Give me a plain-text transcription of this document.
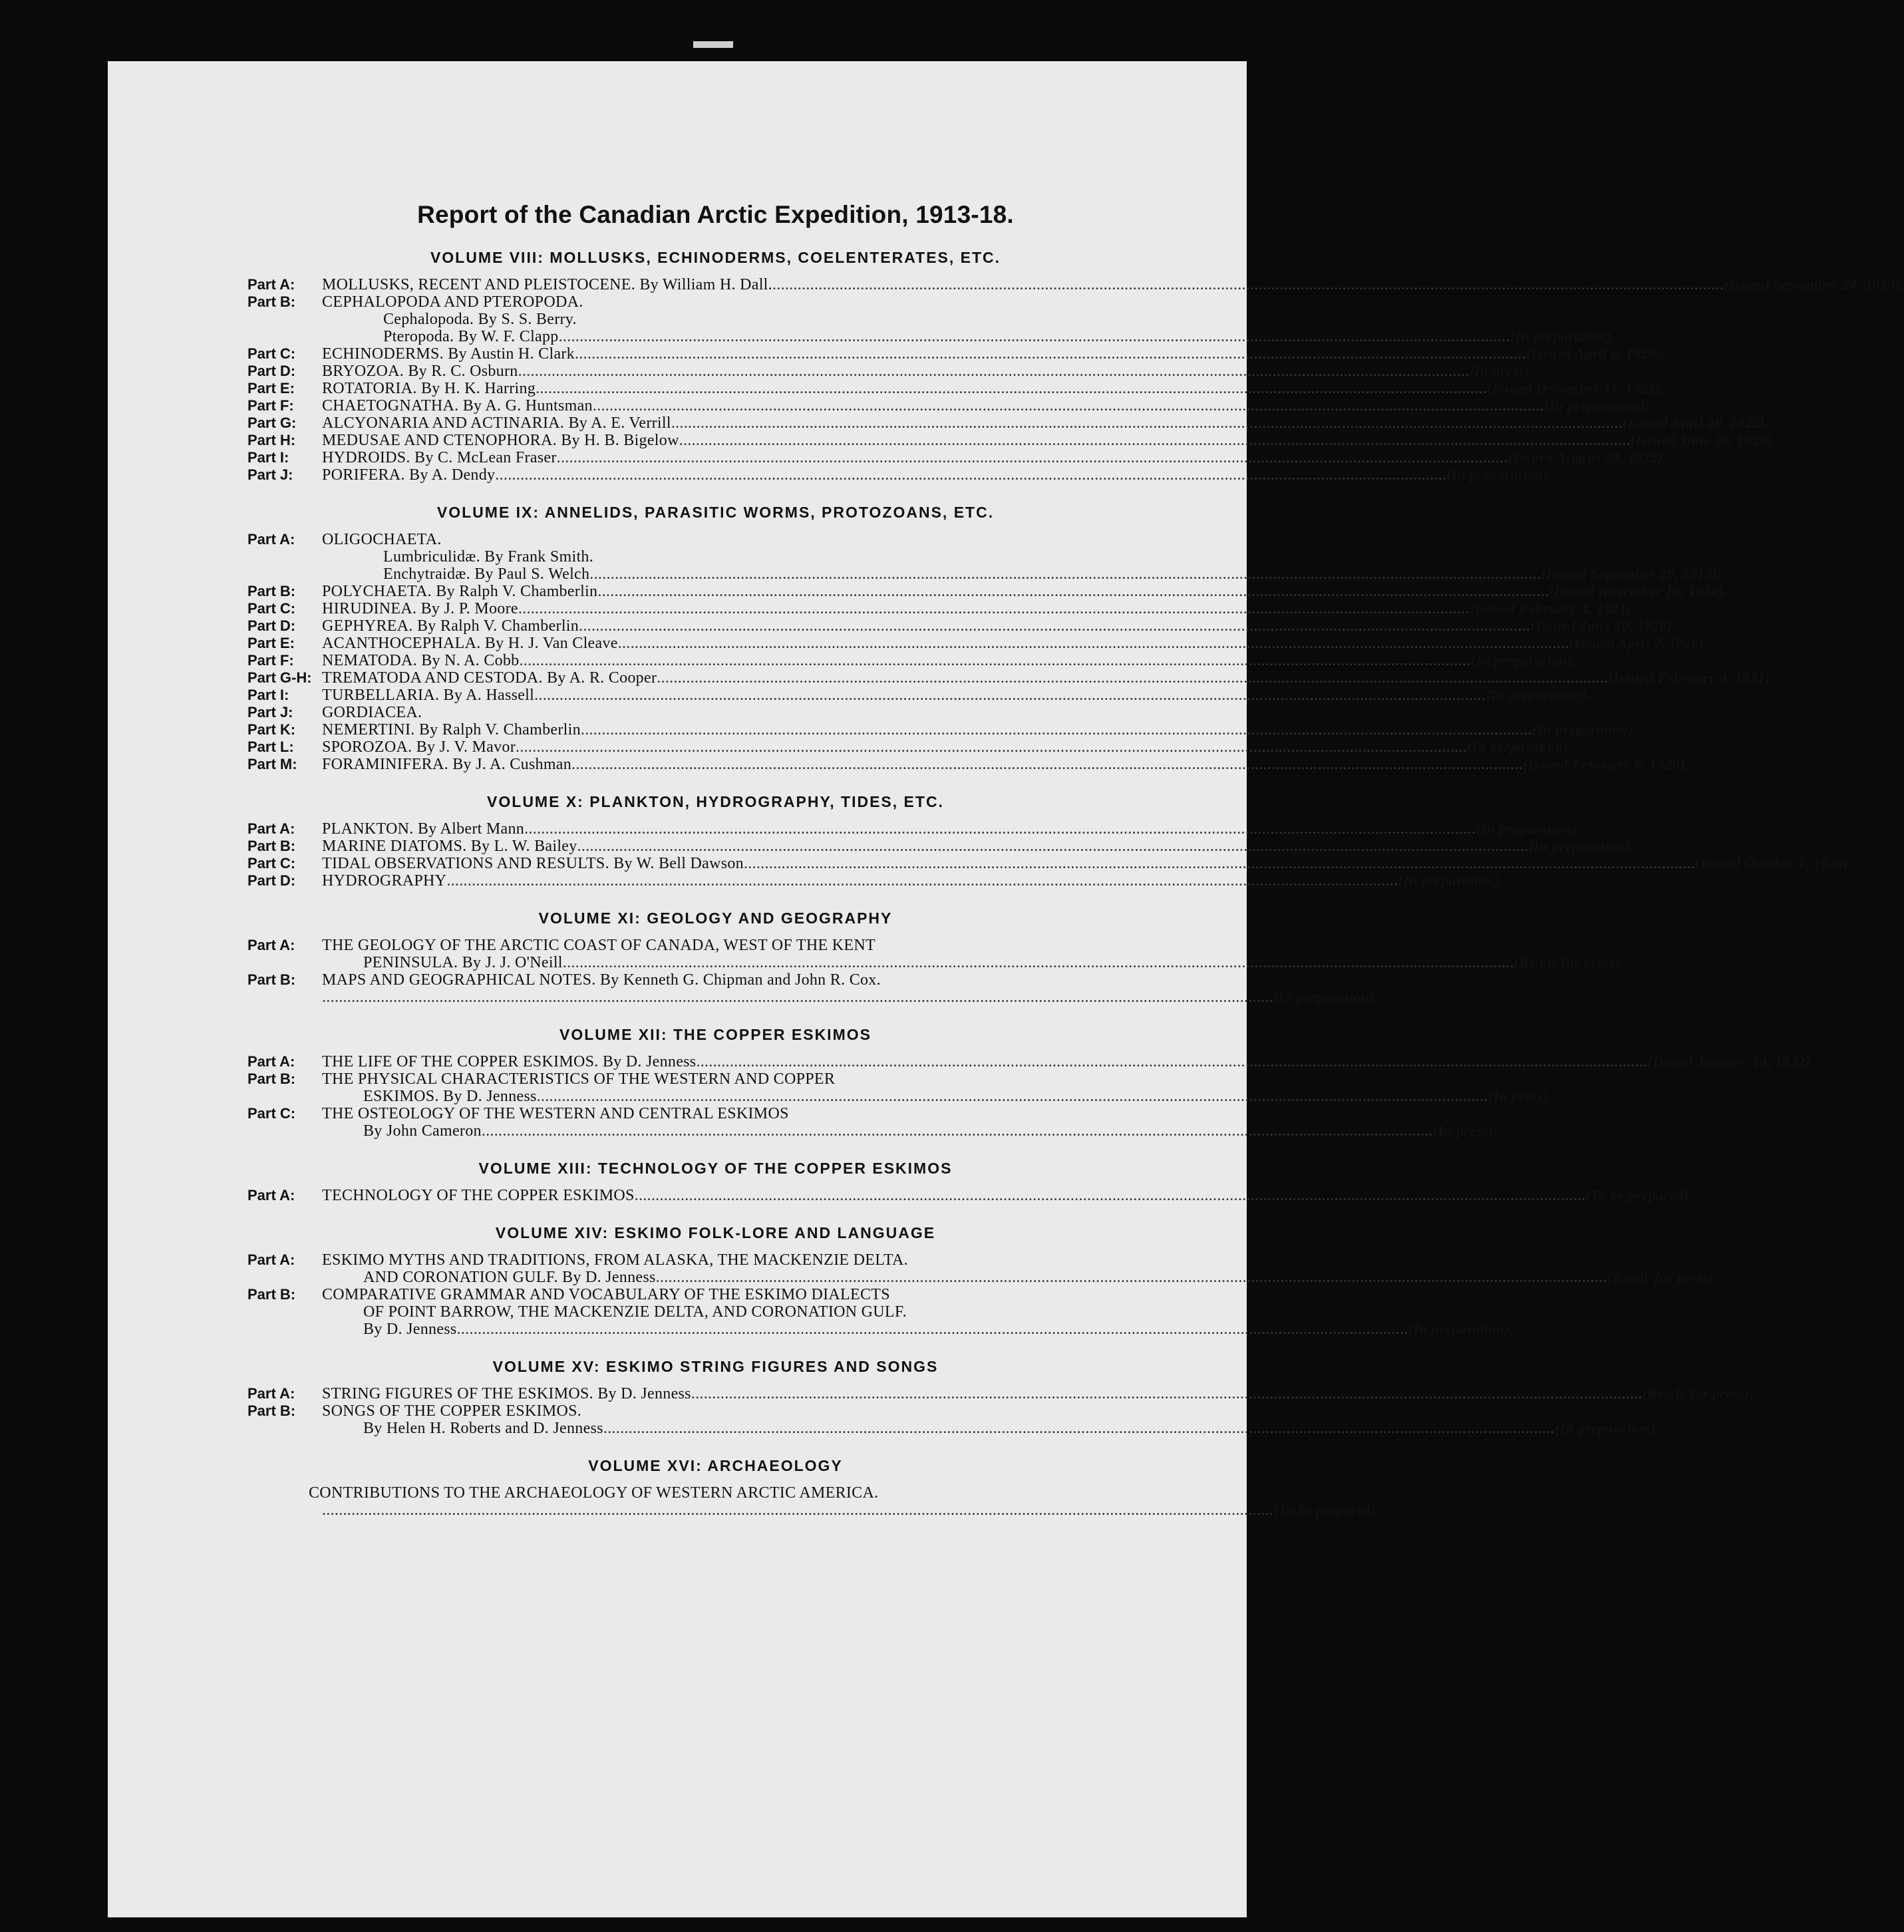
Report of the Canadian Arctic Expedition, 1913-18.
VOLUME VIII: MOLLUSKS, ECHINODERMS, COELENTERATES, ETC.
Part A:	MOLLUSKS, RECENT AND PLEISTOCENE. By William H. Dall. .....	(Issued September 24, 1919).
Part B:	CEPHALOPODA AND PTEROPODA.
Cephalopoda. By S. S. Berry.
Pteropoda. By W. F. Clapp .....	(In preparation).
Part C:	ECHINODERMS. By Austin H. Clark .....	(Issued April 6, 1920).
Part D:	BRYOZOA. By R. C. Osburn .....	(In press).
Part E:	ROTATORIA. By H. K. Harring .....	(Issued December 31, 1921).
Part F:	CHAETOGNATHA. By A. G. Huntsman .....	(In preparation).
Part G:	ALCYONARIA AND ACTINARIA. By A. E. Verrill .....	(Issued April 28, 1922).
Part H:	MEDUSAE AND CTENOPHORA. By H. B. Bigelow .....	(Issued June 30, 1920).
Part I:	HYDROIDS. By C. McLean Fraser .....	(Issued August 24, 1922).
Part J:	PORIFERA. By A. Dendy .....	(In preparation).
VOLUME IX: ANNELIDS, PARASITIC WORMS, PROTOZOANS, ETC.
Part A:	OLIGOCHAETA.
Lumbriculidæ. By Frank Smith.
Enchytraidæ. By Paul S. Welch .....	(Issued September 29, 1919).
Part B:	POLYCHAETA. By Ralph V. Chamberlin .....	(Issued November 16, 1920).
Part C:	HIRUDINEA. By J. P. Moore .....	(Issued February 4, 1921).
Part D:	GEPHYREA. By Ralph V. Chamberlin .....	(Issued June 10, 1920).
Part E:	ACANTHOCEPHALA. By H. J. Van Cleave .....	(Issued April 7, 1920).
Part F:	NEMATODA. By N. A. Cobb .....	(In preparation).
Part G-H: TREMATODA AND CESTODA. By A. R. Cooper .....	(Issued February 4, 1921).
Part I:	TURBELLARIA. By A. Hassell .....	(In preparation).
Part J:	GORDIACEA.
Part K:	NEMERTINI. By Ralph V. Chamberlin .....	(In preparation).
Part L:	SPOROZOA. By J. V. Mavor .....	(In preparation).
Part M:	FORAMINIFERA. By J. A. Cushman .....	(Issued February 6, 1920).
VOLUME X: PLANKTON, HYDROGRAPHY, TIDES, ETC.
Part A:	PLANKTON. By Albert Mann .....	(In preparation).
Part B:	MARINE DIATOMS. By L. W. Bailey .....	(In preparation).
Part C:	TIDAL OBSERVATIONS AND RESULTS. By W. Bell Dawson .....	(Issued October 1, 1920).
Part D:	HYDROGRAPHY .....	(In preparation).
VOLUME XI: GEOLOGY AND GEOGRAPHY
Part A:	THE GEOLOGY OF THE ARCTIC COAST OF CANADA, WEST OF THE KENT
PENINSULA. By J. J. O'Neill .....	(Ready for press).
Part B:	MAPS AND GEOGRAPHICAL NOTES. By Kenneth G. Chipman and John R. Cox.
.....
(In preparation).
VOLUME XII: THE COPPER ESKIMOS
Part A:	THE LIFE OF THE COPPER ESKIMOS. By D. Jenness .....	(Issued January 14, 1922).
Part B:	THE PHYSICAL CHARACTERISTICS OF THE WESTERN AND COPPER
ESKIMOS. By D. Jenness .....	(In press).
Part C:	THE OSTEOLOGY OF THE WESTERN AND CENTRAL ESKIMOS
By John Cameron .....	(In press).
VOLUME XIII: TECHNOLOGY OF THE COPPER ESKIMOS
Part A:	TECHNOLOGY OF THE COPPER ESKIMOS .....	(To be prepared).
VOLUME XIV: ESKIMO FOLK-LORE AND LANGUAGE
Part A:	ESKIMO MYTHS AND TRADITIONS, FROM ALASKA, THE MACKENZIE DELTA.
AND CORONATION GULF. By D. Jenness .....	(Ready for press).
Part B:	COMPARATIVE GRAMMAR AND VOCABULARY OF THE ESKIMO DIALECTS
OF POINT BARROW, THE MACKENZIE DELTA, AND CORONATION GULF.
By D. Jenness .....	(In preparation).
VOLUME XV: ESKIMO STRING FIGURES AND SONGS
Part A:	STRING FIGURES OF THE ESKIMOS. By D. Jenness .....	(Ready for press).
Part B:	SONGS OF THE COPPER ESKIMOS.
By Helen H. Roberts and D. Jenness .....	(In preparation).
VOLUME XVI: ARCHAEOLOGY
CONTRIBUTIONS TO THE ARCHAEOLOGY OF WESTERN ARCTIC AMERICA.
.....
(To be prepared).
